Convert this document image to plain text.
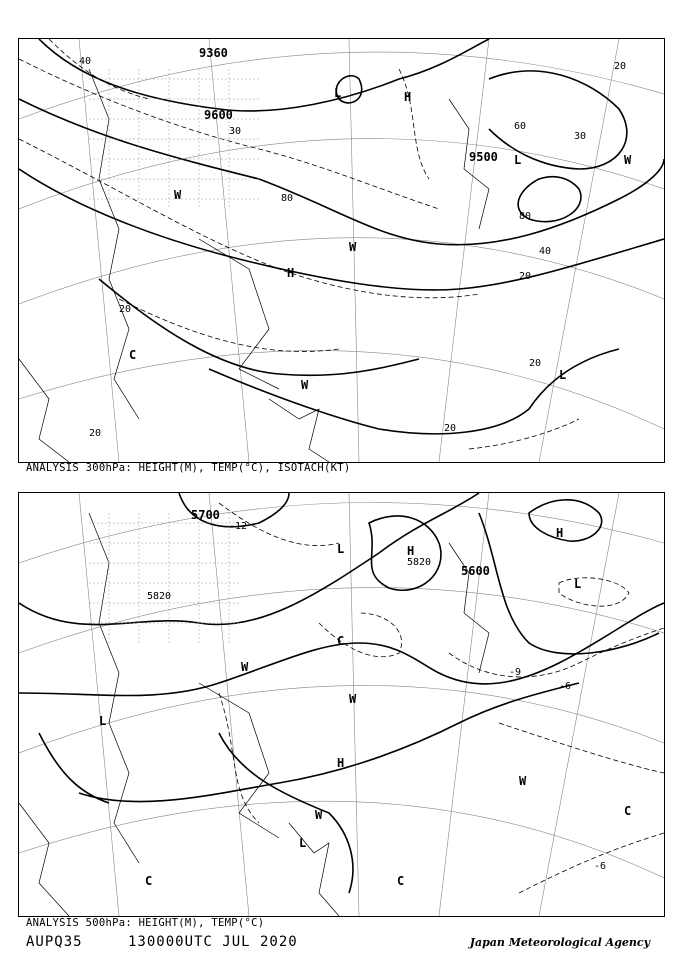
9360
9600
9500
40
30
80
80
40
20
20
20
20
20
20
30
60
H
H
L
L
L
C
W
W
W
W
ANALYSIS 300hPa: HEIGHT(M), TEMP(°C), ISOTACH(KT)
5700
5820
5820
5600
-12
-6
-9
-6
H
H
H
L
L
L
L
C	C
C
C
W
W
W
W
ANALYSIS 500hPa: HEIGHT(M), TEMP(°C)
AUPQ35	130000UTC JUL 2020	Japan Meteorological Agency
